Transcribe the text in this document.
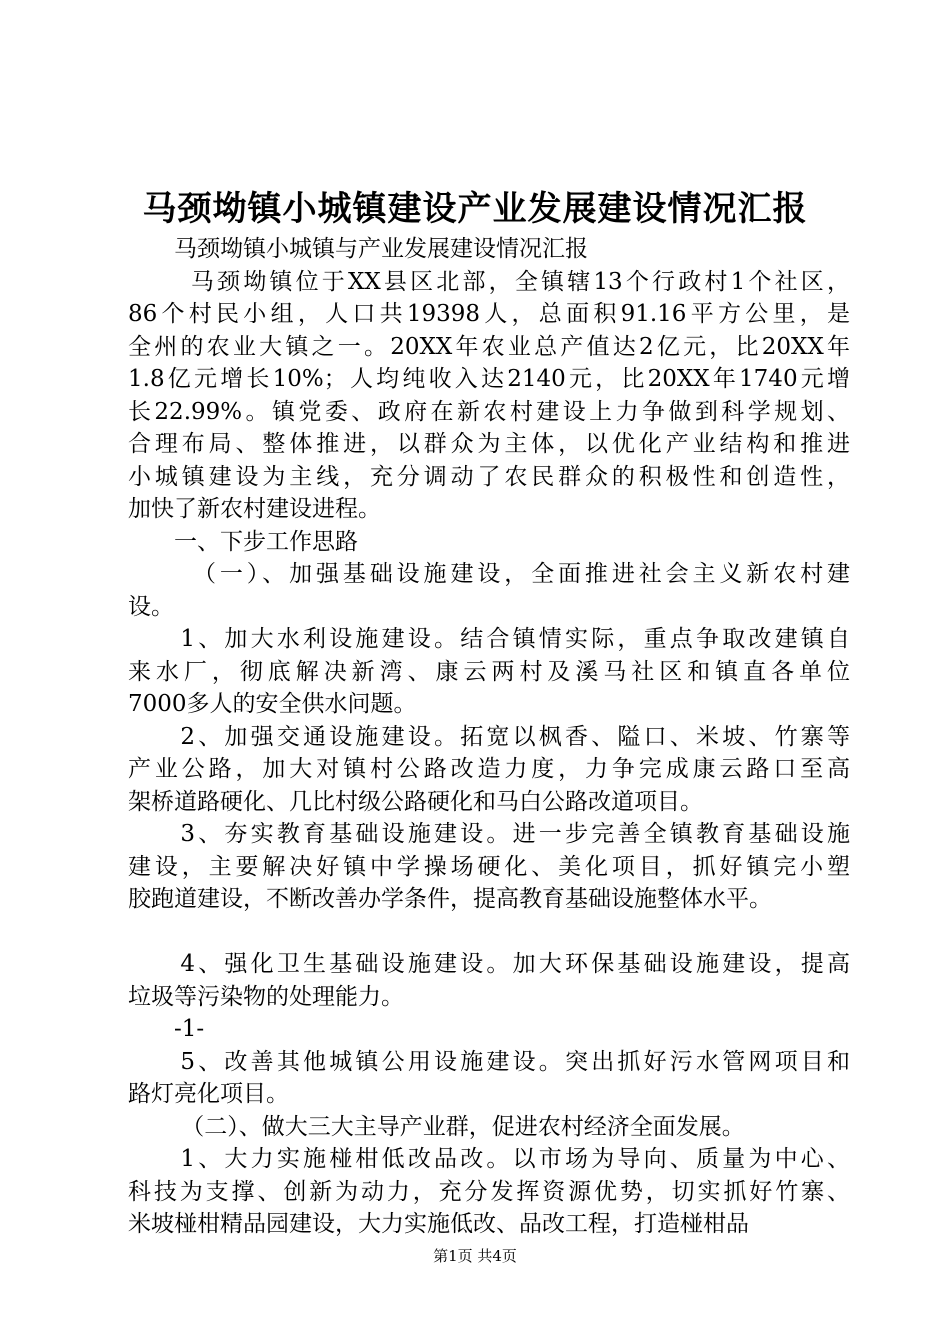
马颈坳镇小城镇建设产业发展建设情况汇报
　　马颈坳镇小城镇与产业发展建设情况汇报
　　 马颈坳镇位于XX县区北部，全镇辖13个行政村1个社区，
86个村民小组，人口共19398人，总面积91.16平方公里，是
全州的农业大镇之一。20XX年农业总产值达2亿元，比20XX年
1.8亿元增长10%；人均纯收入达2140元，比20XX年1740元增
长22.99%。镇党委、政府在新农村建设上力争做到科学规划、
合理布局、整体推进，以群众为主体，以优化产业结构和推进
小城镇建设为主线，充分调动了农民群众的积极性和创造性，
加快了新农村建设进程。
　　一、下步工作思路
　　 （一）、加强基础设施建设，全面推进社会主义新农村建
设。
　　1、加大水利设施建设。结合镇情实际，重点争取改建镇自
来水厂，彻底解决新湾、康云两村及溪马社区和镇直各单位
7000多人的安全供水问题。
　　2、加强交通设施建设。拓宽以枫香、隘口、米坡、竹寨等
产业公路，加大对镇村公路改造力度，力争完成康云路口至高
架桥道路硬化、几比村级公路硬化和马白公路改道项目。
　　3、夯实教育基础设施建设。进一步完善全镇教育基础设施
建设，主要解决好镇中学操场硬化、美化项目，抓好镇完小塑
胶跑道建设，不断改善办学条件，提高教育基础设施整体水平。
　　4、强化卫生基础设施建设。加大环保基础设施建设，提高
垃圾等污染物的处理能力。
　　-1-
　　5、改善其他城镇公用设施建设。突出抓好污水管网项目和
路灯亮化项目。
　　 （二）、做大三大主导产业群，促进农村经济全面发展。
　　1、大力实施椪柑低改品改。以市场为导向、质量为中心、
科技为支撑、创新为动力，充分发挥资源优势，切实抓好竹寨、
米坡椪柑精品园建设，大力实施低改、品改工程，打造椪柑品
第1页 共4页
